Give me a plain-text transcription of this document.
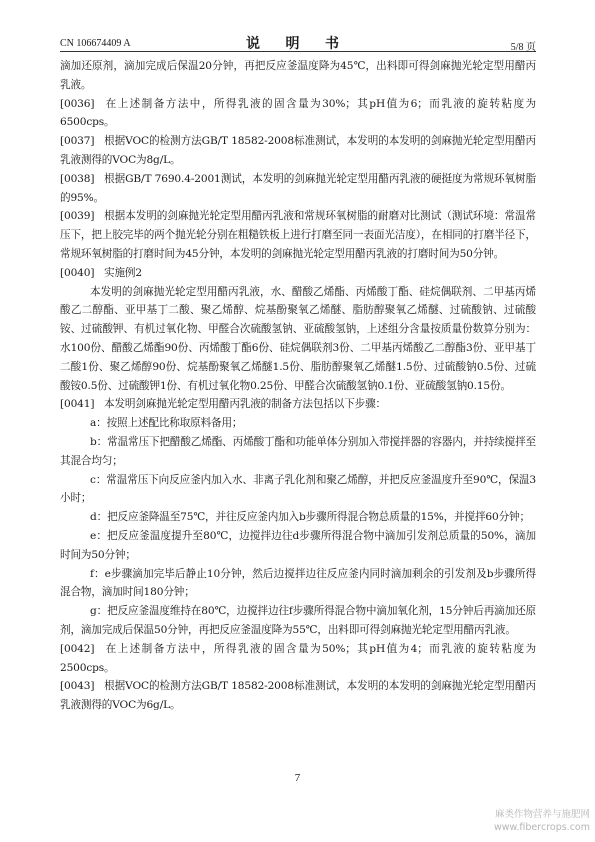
CN 106674409 A	说 明 书	5/8 页

滴加还原剂，滴加完成后保温20分钟，再把反应釜温度降为45℃，出料即可得剑麻抛光轮定型用醋丙乳液。

[0036] 在上述制备方法中，所得乳液的固含量为30%；其pH值为6；而乳液的旋转粘度为6500cps。

[0037] 根据VOC的检测方法GB/T 18582-2008标准测试，本发明的本发明的剑麻抛光轮定型用醋丙乳液测得的VOC为8g/L。

[0038] 根据GB/T 7690.4-2001测试，本发明的剑麻抛光轮定型用醋丙乳液的硬挺度为常规环氧树脂的95%。

[0039] 根据本发明的剑麻抛光轮定型用醋丙乳液和常规环氧树脂的耐磨对比测试（测试环境：常温常压下，把上胶完毕的两个抛光轮分别在粗糙铁板上进行打磨至同一表面光洁度），在相同的打磨半径下，常规环氧树脂的打磨时间为45分钟，本发明的剑麻抛光轮定型用醋丙乳液的打磨时间为50分钟。

[0040] 实施例2

本发明的剑麻抛光轮定型用醋丙乳液，水、醋酸乙烯酯、丙烯酸丁酯、硅烷偶联剂、二甲基丙烯酸乙二醇酯、亚甲基丁二酸、聚乙烯醇、烷基酚聚氧乙烯醚、脂肪醇聚氧乙烯醚、过硫酸钠、过硫酸铵、过硫酸钾、有机过氧化物、甲醛合次硫酸氢钠、亚硫酸氢钠，上述组分含量按质量份数算分别为：水100份、醋酸乙烯酯90份、丙烯酸丁酯6份、硅烷偶联剂3份、二甲基丙烯酸乙二醇酯3份、亚甲基丁二酸1份、聚乙烯醇90份、烷基酚聚氧乙烯醚1.5份、脂肪醇聚氧乙烯醚1.5份、过硫酸钠0.5份、过硫酸铵0.5份、过硫酸钾1份、有机过氧化物0.25份、甲醛合次硫酸氢钠0.1份、亚硫酸氢钠0.15份。

[0041] 本发明剑麻抛光轮定型用醋丙乳液的制备方法包括以下步骤：

a：按照上述配比称取原料备用；

b：常温常压下把醋酸乙烯酯、丙烯酸丁酯和功能单体分别加入带搅拌器的容器内，并持续搅拌至其混合均匀；

c：常温常压下向反应釜内加入水、非离子乳化剂和聚乙烯醇，并把反应釜温度升至90℃，保温3小时；

d：把反应釜降温至75℃，并往反应釜内加入b步骤所得混合物总质量的15%，并搅拌60分钟；

e：把反应釜温度提升至80℃，边搅拌边往d步骤所得混合物中滴加引发剂总质量的50%，滴加时间为50分钟；

f：e步骤滴加完毕后静止10分钟，然后边搅拌边往反应釜内同时滴加剩余的引发剂及b步骤所得混合物，滴加时间180分钟；

g：把反应釜温度维持在80℃，边搅拌边往f步骤所得混合物中滴加氧化剂，15分钟后再滴加还原剂，滴加完成后保温50分钟，再把反应釜温度降为55℃，出料即可得剑麻抛光轮定型用醋丙乳液。

[0042] 在上述制备方法中，所得乳液的固含量为50%；其pH值为4；而乳液的旋转粘度为2500cps。

[0043] 根据VOC的检测方法GB/T 18582-2008标准测试，本发明的本发明的剑麻抛光轮定型用醋丙乳液测得的VOC为6g/L。

7
麻类作物营养与施肥网
www.fibercrops.com
